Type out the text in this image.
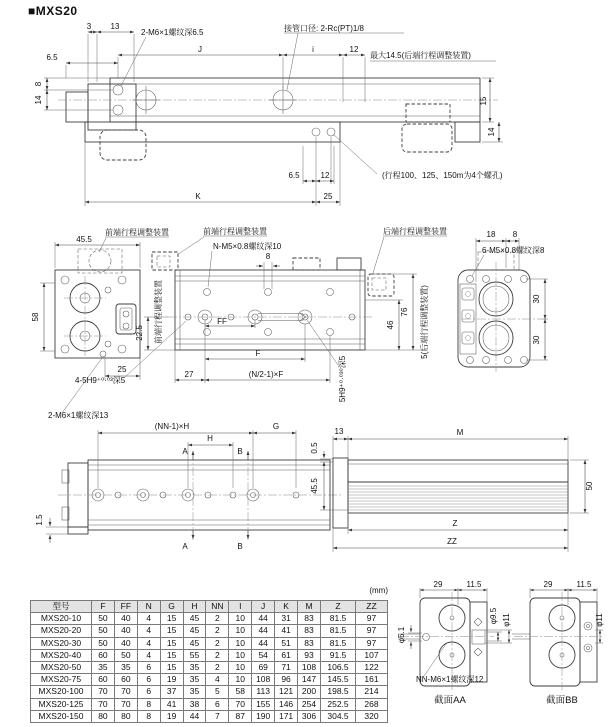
■MXS20
3 13
2-M6×1螺纹深6.5	接管口径: 2-Rc(PT)1/8
J	i	12
最大14.5(后端行程调整装置)
6.5
8
14	15
14
6.5	12
K	25
(行程100、125、150m为4个螺孔)
45.5
前端行程调整装置
58
25
2-M6×1螺纹深13
前端行程调整装置
N-M5×0.8螺纹深10
8
22.5 前端行程调整装置	FF
F
27	(N/2-1)×F
4-5H9⁺⁰·⁰³深5	5H9⁺⁰·⁰³⁰深5
后端行程调整装置
46
76 5(后端行程调整装置)
18 8
6-M5×0.8螺纹深8
30
30
(NN-1)×H	G
H
A	B
A	B
1.5
13	M
0.5
45.5	50
Z
ZZ
29	11.5
φ5.1
φ9.5 φ11
NN-M6×1螺纹深12
截面AA
29	11.5
φ11
截面BB
(mm)
型号	F	FF	N	G	H	NN	I	J	K	M	Z	ZZ
MXS20-10	50	40	4	15	45	2	10	44	31	83	81.5	97
MXS20-20	50	40	4	15	45	2	10	44	41	83	81.5	97
MXS20-30	50	40	4	15	45	2	10	44	51	83	81.5	97
MXS20-40	60	50	4	15	55	2	10	54	61	93	91.5	107
MXS20-50	35	35	6	15	35	2	10	69	71	108	106.5	122
MXS20-75	60	60	6	19	35	4	10	108	96	147	145.5	161
MXS20-100	70	70	6	37	35	5	58	113	121	200	198.5	214
MXS20-125	70	70	8	41	38	6	70	155	146	254	252.5	268
MXS20-150	80	80	8	19	44	7	87	190	171	306	304.5	320
